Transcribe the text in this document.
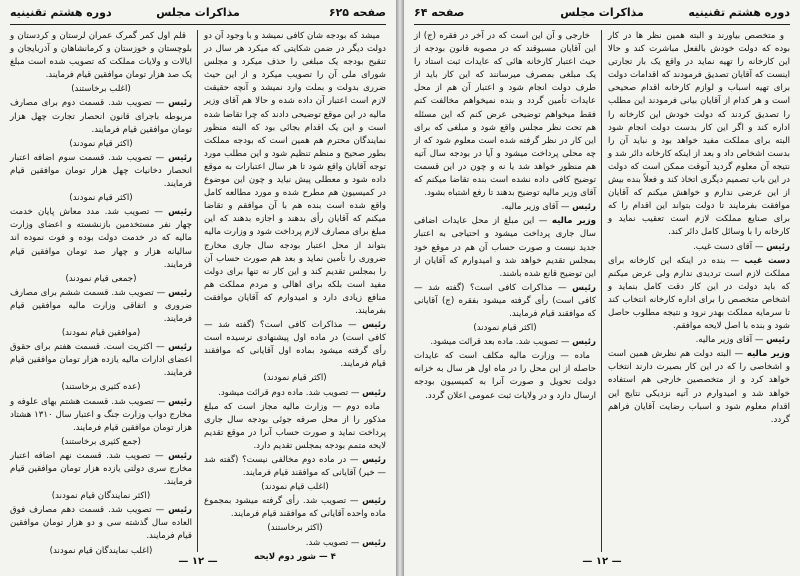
صفحه ۶۲۵
مذاکرات مجلس
دوره هشتم تقنینیه

میشد که بودجه شان کافی نمیشد و با وجود آن دو دولت دیگر در ضمن شکایتی که میکرد هر سال در تنقیح بودجه یک مبلغی را حذف میکرد و مجلس شورای ملی آن را تصویب میکرد و از این حیث ضرری بدولت و بملت وارد نمیشد و آنچه حقیقت لازم است اعتبار آن داده شده و حالا هم آقای وزیر مالیه در این موقع توضیحی دادند که چرا تقاضا شده است و این یک اقدام بجائی بود که البته منظور نمایندگان محترم هم همین است که بودجه مملکت بطور صحیح و منظم تنظیم شود و این مطلب مورد توجه آقایان واقع شود تا هر سال اعتبارات به موقع داده شود و معطلی پیش نیاید و چون این موضوع در کمیسیون هم مطرح شده و مورد مطالعه کامل واقع شده است بنده هم با آن موافقم و تقاضا میکنم که آقایان رأی بدهند و اجازه بدهند که این مبلغ برای مصارف لازم پرداخت شود و وزارت مالیه بتواند از محل اعتبار بودجه سال جاری مخارج ضروری را تأمین نماید و بعد هم صورت حساب آن را بمجلس تقدیم کند و این کار نه تنها برای دولت مفید است بلکه برای اهالی و مردم مملکت هم منافع زیادی دارد و امیدوارم که آقایان موافقت بفرمایند.

رئیس — مذاکرات کافی است؟ (گفته شد — کافی است) در ماده اول پیشنهادی نرسیده است رأی گرفته میشود بماده اول آقایانی که موافقند قیام فرمایند.

(اکثر قیام نمودند)

رئیس — تصویب شد. ماده دوم قرائت میشود.

ماده دوم — وزارت مالیه مجاز است که مبلغ مذکور را از محل صرفه جوئی بودجه سال جاری پرداخت نماید و صورت حساب آنرا در موقع تقدیم لایحه متمم بودجه بمجلس تقدیم دارد.

رئیس — در ماده دوم مخالفی نیست؟ (گفته شد — خیر) آقایانی که موافقند قیام فرمایند.

(اغلب قیام نمودند)

رئیس — تصویب شد. رأی گرفته میشود بمجموع ماده واحده آقایانی که موافقند قیام فرمایند.

(اکثر برخاستند)

رئیس — تصویب شد.

۴ — شور دوم لایحه

قلم اول کمر گمرک عمران لرستان و کردستان و بلوچستان و خوزستان و کرمانشاهان و آذربایجان و ایالات و ولایات مملکت که تصویب شده است مبلغ یک صد هزار تومان موافقین قیام فرمایند.

(اغلب برخاستند)

رئیس — تصویب شد. قسمت دوم برای مصارف مربوطه باجرای قانون انحصار تجارت چهل هزار تومان موافقین قیام فرمایند.

(اکثر قیام نمودند)

رئیس — تصویب شد. قسمت سوم اضافه اعتبار انحصار دخانیات چهل هزار تومان موافقین قیام فرمایند.

(اکثر قیام نمودند)

رئیس — تصویب شد. مدد معاش پایان خدمت چهار نفر مستخدمین بازنشسته و اعضای وزارت مالیه که در خدمت دولت بوده و فوت نموده اند سالیانه هزار و چهار صد تومان موافقین قیام فرمایند.

(جمعی قیام نمودند)

رئیس — تصویب شد. قسمت ششم برای مصارف ضروری و اتفاقی وزارت مالیه موافقین قیام فرمایند.

(موافقین قیام نمودند)

رئیس — اکثریت است. قسمت هفتم برای حقوق اعضای ادارات مالیه یازده هزار تومان موافقین قیام فرمایند.

(عده کثیری برخاستند)

رئیس — تصویب شد. قسمت هشتم بهای علوفه و مخارج دواب وزارت جنگ و اعتبار سال ۱۳۱۰ هشتاد هزار تومان موافقین قیام فرمایند.

(جمع کثیری برخاستند)

رئیس — تصویب شد. قسمت نهم اضافه اعتبار مخارج سری دولتی یازده هزار تومان موافقین قیام فرمایند.

(اکثر نمایندگان قیام نمودند)

رئیس — تصویب شد. قسمت دهم مصارف فوق العاده سال گذشته سی و دو هزار تومان موافقین قیام فرمایند.

(اغلب نمایندگان قیام نمودند)

— ۱۲ —
دوره هشتم تقنینیه
مذاکرات مجلس
صفحه ۶۴

و متخصص بیاورند و البته همین نظر ها در کار بوده که دولت خودش بالفعل مباشرت کند و حالا این کارخانه را تهیه نماید در واقع یک بار تجارتی اینست که آقایان تصدیق فرمودند که اقدامات دولت برای تهیه اسباب و لوازم کارخانه اقدام صحیحی است و هر کدام از آقایان بیانی فرمودند این مطلب را تصدیق کردند که دولت خودش این کارخانه را اداره کند و اگر این کار بدست دولت انجام شود البته برای مملکت مفید خواهد بود و نباید آن را بدست اشخاص داد و بعد از اینکه کارخانه دائر شد و نتیجه آن معلوم گردید آنوقت ممکن است که دولت در این باب تصمیم دیگری اتخاذ کند و فعلاً بنده بیش از این عرضی ندارم و خواهش میکنم که آقایان موافقت بفرمایند تا دولت بتواند این اقدام را که برای صنایع مملکت لازم است تعقیب نماید و کارخانه را با وسائل کامل دائر کند.

رئیس — آقای دست غیب.

دست غیب — بنده در اینکه این کارخانه برای مملکت لازم است تردیدی ندارم ولی عرض میکنم که باید دولت در این کار دقت کامل بنماید و اشخاص متخصص را برای اداره کارخانه انتخاب کند تا سرمایه مملکت بهدر نرود و نتیجه مطلوب حاصل شود و بنده با اصل لایحه موافقم.

رئیس — آقای وزیر مالیه.

وزیر مالیه — البته دولت هم نظرش همین است و اشخاصی را که در این کار بصیرت دارند انتخاب خواهد کرد و از متخصصین خارجی هم استفاده خواهد شد و امیدوارم در آتیه نزدیکی نتایج این اقدام معلوم شود و اسباب رضایت آقایان فراهم گردد.

خارجی و آن این است که در آخر در فقره (ج) از این آقایان مسبوقند که در مصوبه قانون بودجه از حیث اعتبار کارخانه هائی که عایدات ثبت استاد را یک مبلغی بمصرف میرسانند که این کار باید از طرف دولت انجام شود و اعتبار آن هم از محل عایدات تأمین گردد و بنده نمیخواهم مخالفت کنم فقط میخواهم توضیحی عرض کنم که این مسئله هم تحت نظر مجلس واقع شود و مبلغی که برای این کار در نظر گرفته شده است معلوم شود که از چه محلی پرداخت میشود و آیا در بودجه سال آتیه هم منظور خواهد شد یا نه و چون در این قسمت توضیح کافی داده نشده است بنده تقاضا میکنم که آقای وزیر مالیه توضیح بدهند تا رفع اشتباه بشود.

رئیس — آقای وزیر مالیه.

وزیر مالیه — این مبلغ از محل عایدات اضافی سال جاری پرداخت میشود و احتیاجی به اعتبار جدید نیست و صورت حساب آن هم در موقع خود بمجلس تقدیم خواهد شد و امیدوارم که آقایان از این توضیح قانع شده باشند.

رئیس — مذاکرات کافی است؟ (گفته شد — کافی است) رأی گرفته میشود بفقره (ج) آقایانی که موافقند قیام فرمایند.

(اکثر قیام نمودند)

رئیس — تصویب شد. ماده بعد قرائت میشود.

ماده — وزارت مالیه مکلف است که عایدات حاصله از این محل را در ماه اول هر سال به خزانه دولت تحویل و صورت آنرا به کمیسیون بودجه ارسال دارد و در ولایات ثبت عمومی اعلان گردد.

— ۱۲ —
